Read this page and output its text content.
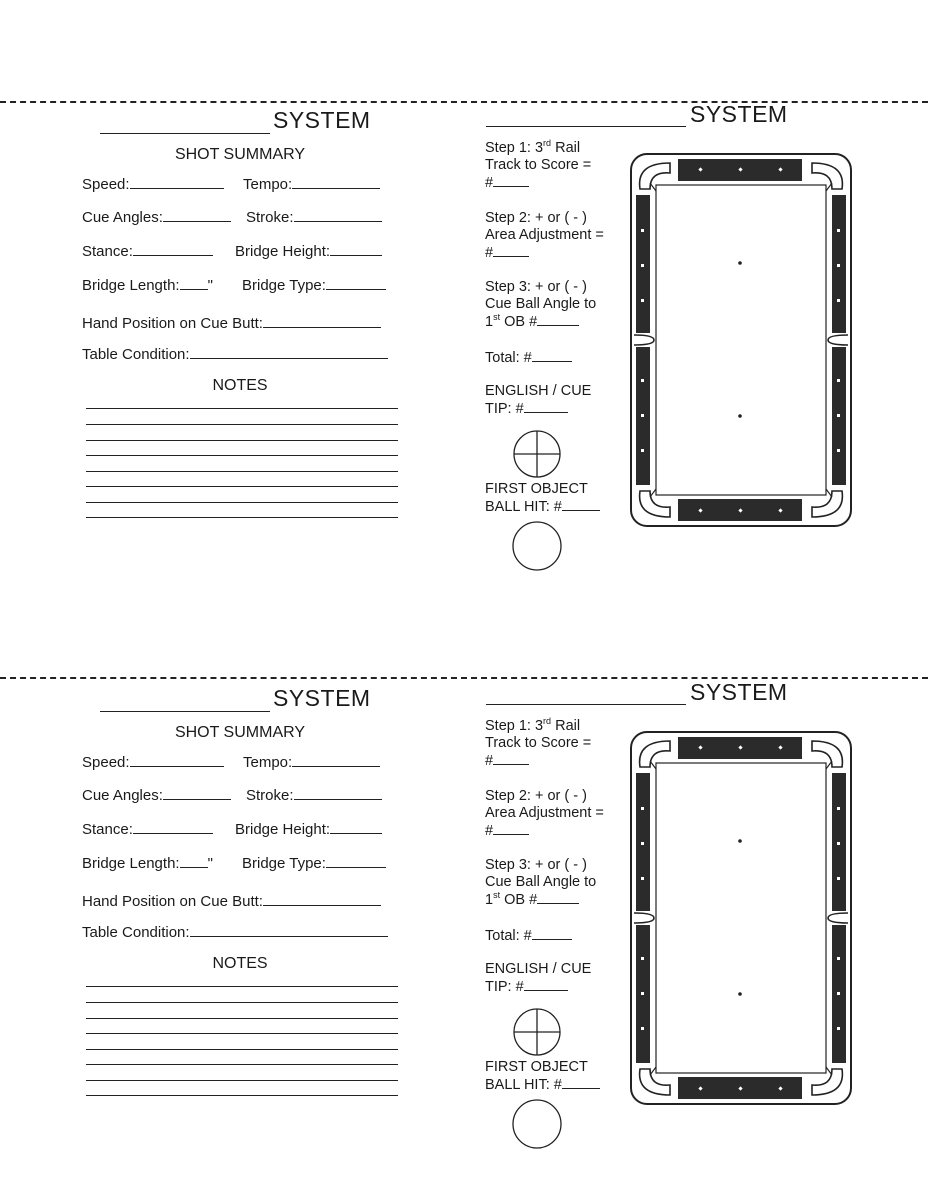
SYSTEM
SHOT SUMMARY
Speed:	Tempo:
Cue Angles:	Stroke:
Stance:	Bridge Height:
Bridge Length: " Bridge Type:
Hand Position on Cue Butt:
Table Condition:
NOTES
SYSTEM
Step 1: 3rd Rail
Track to Score =
#
Step 2: + or ( - )
Area Adjustment =
#
Step 3: + or ( - )
Cue Ball Angle to
1st OB #
Total: #
ENGLISH / CUE
TIP: #
FIRST OBJECT
BALL HIT: #
SYSTEM
SHOT SUMMARY
Speed:	Tempo:
Cue Angles:	Stroke:
Stance:	Bridge Height:
Bridge Length: " Bridge Type:
Hand Position on Cue Butt:
Table Condition:
NOTES
SYSTEM
Step 1: 3rd Rail
Track to Score =
#
Step 2: + or ( - )
Area Adjustment =
#
Step 3: + or ( - )
Cue Ball Angle to
1st OB #
Total: #
ENGLISH / CUE
TIP: #
FIRST OBJECT
BALL HIT: #
